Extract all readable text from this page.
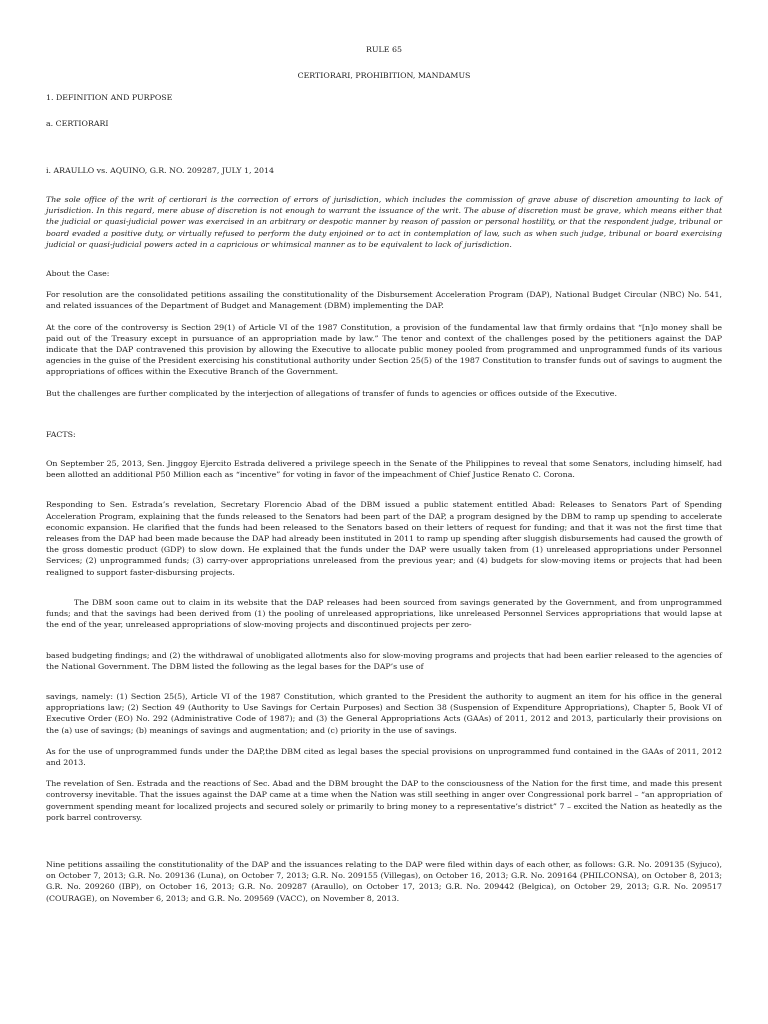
RULE 65

CERTIORARI, PROHIBITION, MANDAMUS

1. DEFINITION AND PURPOSE

a. CERTIORARI

i. ARAULLO vs. AQUINO, G.R. NO. 209287, JULY 1, 2014

The sole office of the writ of certiorari is the correction of errors of jurisdiction, which includes the commission of grave abuse of discretion amounting to lack of jurisdiction. In this regard, mere abuse of discretion is not enough to warrant the issuance of the writ. The abuse of discretion must be grave, which means either that the judicial or quasi-judicial power was exercised in an arbitrary or despotic manner by reason of passion or personal hostility, or that the respondent judge, tribunal or board evaded a positive duty, or virtually refused to perform the duty enjoined or to act in contemplation of law, such as when such judge, tribunal or board exercising judicial or quasi-judicial powers acted in a capricious or whimsical manner as to be equivalent to lack of jurisdiction.

About the Case:

For resolution are the consolidated petitions assailing the constitutionality of the Disbursement Acceleration Program (DAP), National Budget Circular (NBC) No. 541, and related issuances of the Department of Budget and Management (DBM) implementing the DAP.

At the core of the controversy is Section 29(1) of Article VI of the 1987 Constitution, a provision of the fundamental law that firmly ordains that “[n]o money shall be paid out of the Treasury except in pursuance of an appropriation made by law.” The tenor and context of the challenges posed by the petitioners against the DAP indicate that the DAP contravened this provision by allowing the Executive to allocate public money pooled from programmed and unprogrammed funds of its various agencies in the guise of the President exercising his constitutional authority under Section 25(5) of the 1987 Constitution to transfer funds out of savings to augment the appropriations of offices within the Executive Branch of the Government.

But the challenges are further complicated by the interjection of allegations of transfer of funds to agencies or offices outside of the Executive.

FACTS:

On September 25, 2013, Sen. Jinggoy Ejercito Estrada delivered a privilege speech in the Senate of the Philippines to reveal that some Senators, including himself, had been allotted an additional P50 Million each as “incentive” for voting in favor of the impeachment of Chief Justice Renato C. Corona.

Responding to Sen. Estrada’s revelation, Secretary Florencio Abad of the DBM issued a public statement entitled Abad: Releases to Senators Part of Spending Acceleration Program, explaining that the funds released to the Senators had been part of the DAP, a program designed by the DBM to ramp up spending to accelerate economic expansion. He clarified that the funds had been released to the Senators based on their letters of request for funding; and that it was not the first time that releases from the DAP had been made because the DAP had already been instituted in 2011 to ramp up spending after sluggish disbursements had caused the growth of the gross domestic product (GDP) to slow down. He explained that the funds under the DAP were usually taken from (1) unreleased appropriations under Personnel Services; (2) unprogrammed funds; (3) carry-over appropriations unreleased from the previous year; and (4) budgets for slow-moving items or projects that had been realigned to support faster-disbursing projects.

The DBM soon came out to claim in its website that the DAP releases had been sourced from savings generated by the Government, and from unprogrammed funds; and that the savings had been derived from (1) the pooling of unreleased appropriations, like unreleased Personnel Services appropriations that would lapse at the end of the year, unreleased appropriations of slow-moving projects and discontinued projects per zero-

based budgeting findings; and (2) the withdrawal of unobligated allotments also for slow-moving programs and projects that had been earlier released to the agencies of the National Government. The DBM listed the following as the legal bases for the DAP’s use of

savings, namely: (1) Section 25(5), Article VI of the 1987 Constitution, which granted to the President the authority to augment an item for his office in the general appropriations law; (2) Section 49 (Authority to Use Savings for Certain Purposes) and Section 38 (Suspension of Expenditure Appropriations), Chapter 5, Book VI of Executive Order (EO) No. 292 (Administrative Code of 1987); and (3) the General Appropriations Acts (GAAs) of 2011, 2012 and 2013, particularly their provisions on the (a) use of savings; (b) meanings of savings and augmentation; and (c) priority in the use of savings.

As for the use of unprogrammed funds under the DAP,the DBM cited as legal bases the special provisions on unprogrammed fund contained in the GAAs of 2011, 2012 and 2013.

The revelation of Sen. Estrada and the reactions of Sec. Abad and the DBM brought the DAP to the consciousness of the Nation for the first time, and made this present controversy inevitable. That the issues against the DAP came at a time when the Nation was still seething in anger over Congressional pork barrel – “an appropriation of government spending meant for localized projects and secured solely or primarily to bring money to a representative’s district” 7 – excited the Nation as heatedly as the pork barrel controversy.

Nine petitions assailing the constitutionality of the DAP and the issuances relating to the DAP were filed within days of each other, as follows: G.R. No. 209135 (Syjuco), on October 7, 2013; G.R. No. 209136 (Luna), on October 7, 2013; G.R. No. 209155 (Villegas), on October 16, 2013; G.R. No. 209164 (PHILCONSA), on October 8, 2013; G.R. No. 209260 (IBP), on October 16, 2013; G.R. No. 209287 (Araullo), on October 17, 2013; G.R. No. 209442 (Belgica), on October 29, 2013; G.R. No. 209517 (COURAGE), on November 6, 2013; and G.R. No. 209569 (VACC), on November 8, 2013.
